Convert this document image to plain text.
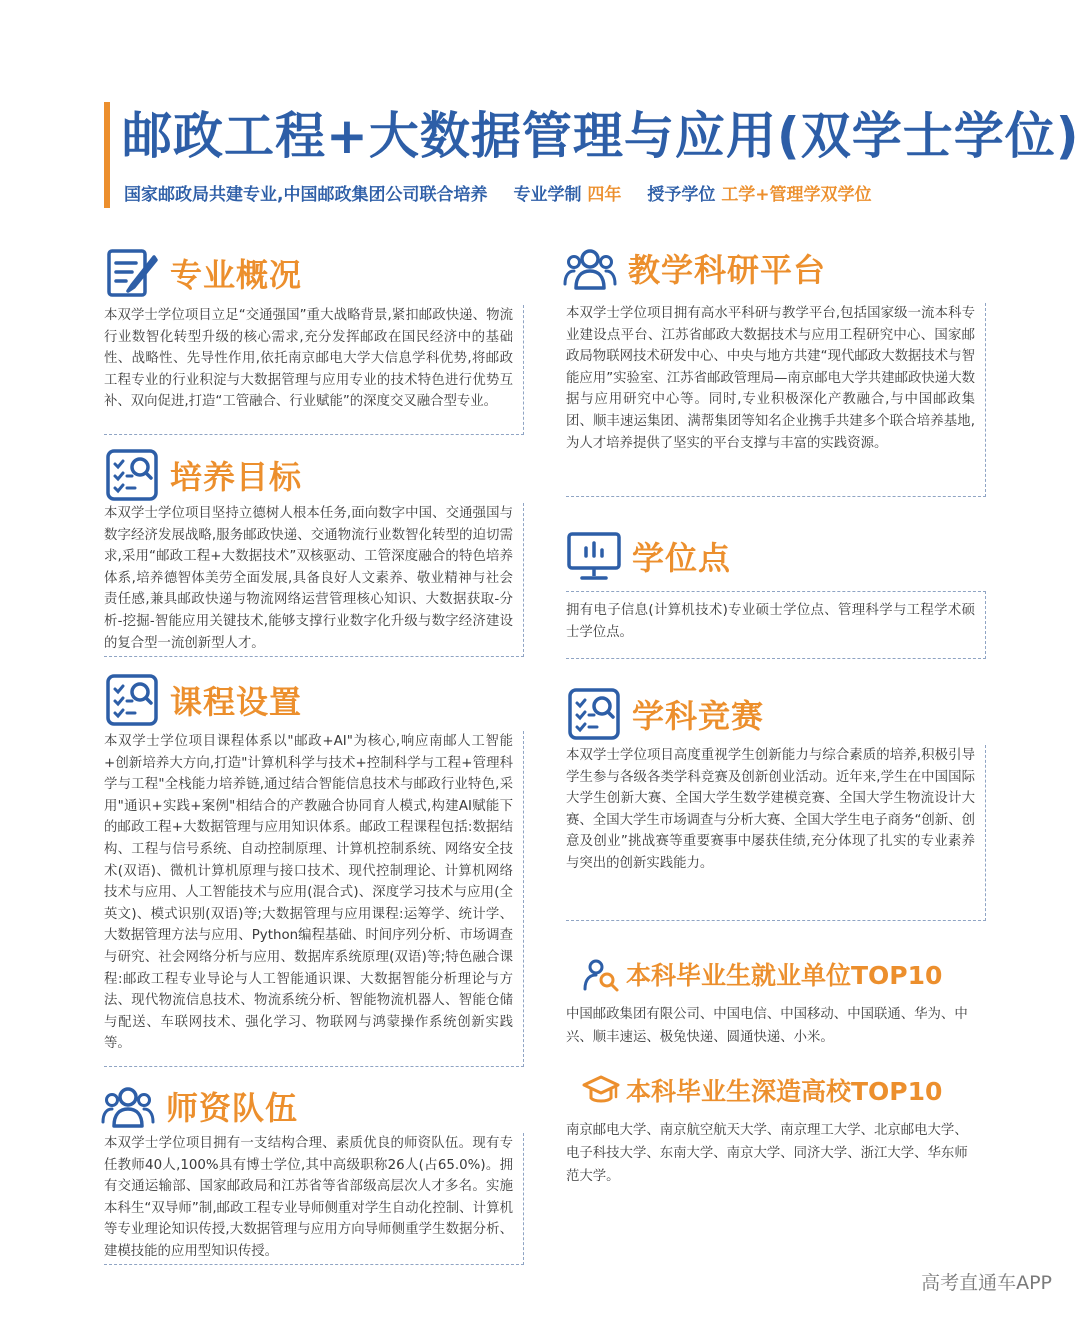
邮政工程+大数据管理与应用(双学士学位)
国家邮政局共建专业,中国邮政集团公司联合培养 专业学制 四年 授予学位 工学+管理学双学位
专业概况
本双学士学位项目立足“交通强国”重大战略背景,紧扣邮政快递、物流行业数智化转型升级的核心需求,充分发挥邮政在国民经济中的基础性、战略性、先导性作用,依托南京邮电大学大信息学科优势,将邮政工程专业的行业积淀与大数据管理与应用专业的技术特色进行优势互补、双向促进,打造“工管融合、行业赋能”的深度交叉融合型专业。
培养目标
本双学士学位项目坚持立德树人根本任务,面向数字中国、交通强国与数字经济发展战略,服务邮政快递、交通物流行业数智化转型的迫切需求,采用“邮政工程+大数据技术”双核驱动、工管深度融合的特色培养体系,培养德智体美劳全面发展,具备良好人文素养、敬业精神与社会责任感,兼具邮政快递与物流网络运营管理核心知识、大数据获取-分析-挖掘-智能应用关键技术,能够支撑行业数字化升级与数字经济建设的复合型一流创新型人才。
课程设置
本双学士学位项目课程体系以"邮政+AI"为核心,响应南邮人工智能+创新培养大方向,打造"计算机科学与技术+控制科学与工程+管理科学与工程"全栈能力培养链,通过结合智能信息技术与邮政行业特色,采用"通识+实践+案例"相结合的产教融合协同育人模式,构建AI赋能下的邮政工程+大数据管理与应用知识体系。邮政工程课程包括:数据结构、工程与信号系统、自动控制原理、计算机控制系统、网络安全技术(双语)、微机计算机原理与接口技术、现代控制理论、计算机网络技术与应用、人工智能技术与应用(混合式)、深度学习技术与应用(全英文)、模式识别(双语)等;大数据管理与应用课程:运筹学、统计学、大数据管理方法与应用、Python编程基础、时间序列分析、市场调查与研究、社会网络分析与应用、数据库系统原理(双语)等;特色融合课程:邮政工程专业导论与人工智能通识课、大数据智能分析理论与方法、现代物流信息技术、物流系统分析、智能物流机器人、智能仓储与配送、车联网技术、强化学习、物联网与鸿蒙操作系统创新实践等。
师资队伍
本双学士学位项目拥有一支结构合理、素质优良的师资队伍。现有专任教师40人,100%具有博士学位,其中高级职称26人(占65.0%)。拥有交通运输部、国家邮政局和江苏省等省部级高层次人才多名。实施本科生“双导师”制,邮政工程专业导师侧重对学生自动化控制、计算机等专业理论知识传授,大数据管理与应用方向导师侧重学生数据分析、建模技能的应用型知识传授。
教学科研平台
本双学士学位项目拥有高水平科研与教学平台,包括国家级一流本科专业建设点平台、江苏省邮政大数据技术与应用工程研究中心、国家邮政局物联网技术研发中心、中央与地方共建“现代邮政大数据技术与智能应用”实验室、江苏省邮政管理局—南京邮电大学共建邮政快递大数据与应用研究中心等。同时,专业积极深化产教融合,与中国邮政集团、顺丰速运集团、满帮集团等知名企业携手共建多个联合培养基地,为人才培养提供了坚实的平台支撑与丰富的实践资源。
学位点
拥有电子信息(计算机技术)专业硕士学位点、管理科学与工程学术硕士学位点。
学科竞赛
本双学士学位项目高度重视学生创新能力与综合素质的培养,积极引导学生参与各级各类学科竞赛及创新创业活动。近年来,学生在中国国际大学生创新大赛、全国大学生数学建模竞赛、全国大学生物流设计大赛、全国大学生市场调查与分析大赛、全国大学生电子商务“创新、创意及创业”挑战赛等重要赛事中屡获佳绩,充分体现了扎实的专业素养与突出的创新实践能力。
本科毕业生就业单位TOP10
中国邮政集团有限公司、中国电信、中国移动、中国联通、华为、中兴、顺丰速运、极兔快递、圆通快递、小米。
本科毕业生深造高校TOP10
南京邮电大学、南京航空航天大学、南京理工大学、北京邮电大学、电子科技大学、东南大学、南京大学、同济大学、浙江大学、华东师范大学。
高考直通车APP
